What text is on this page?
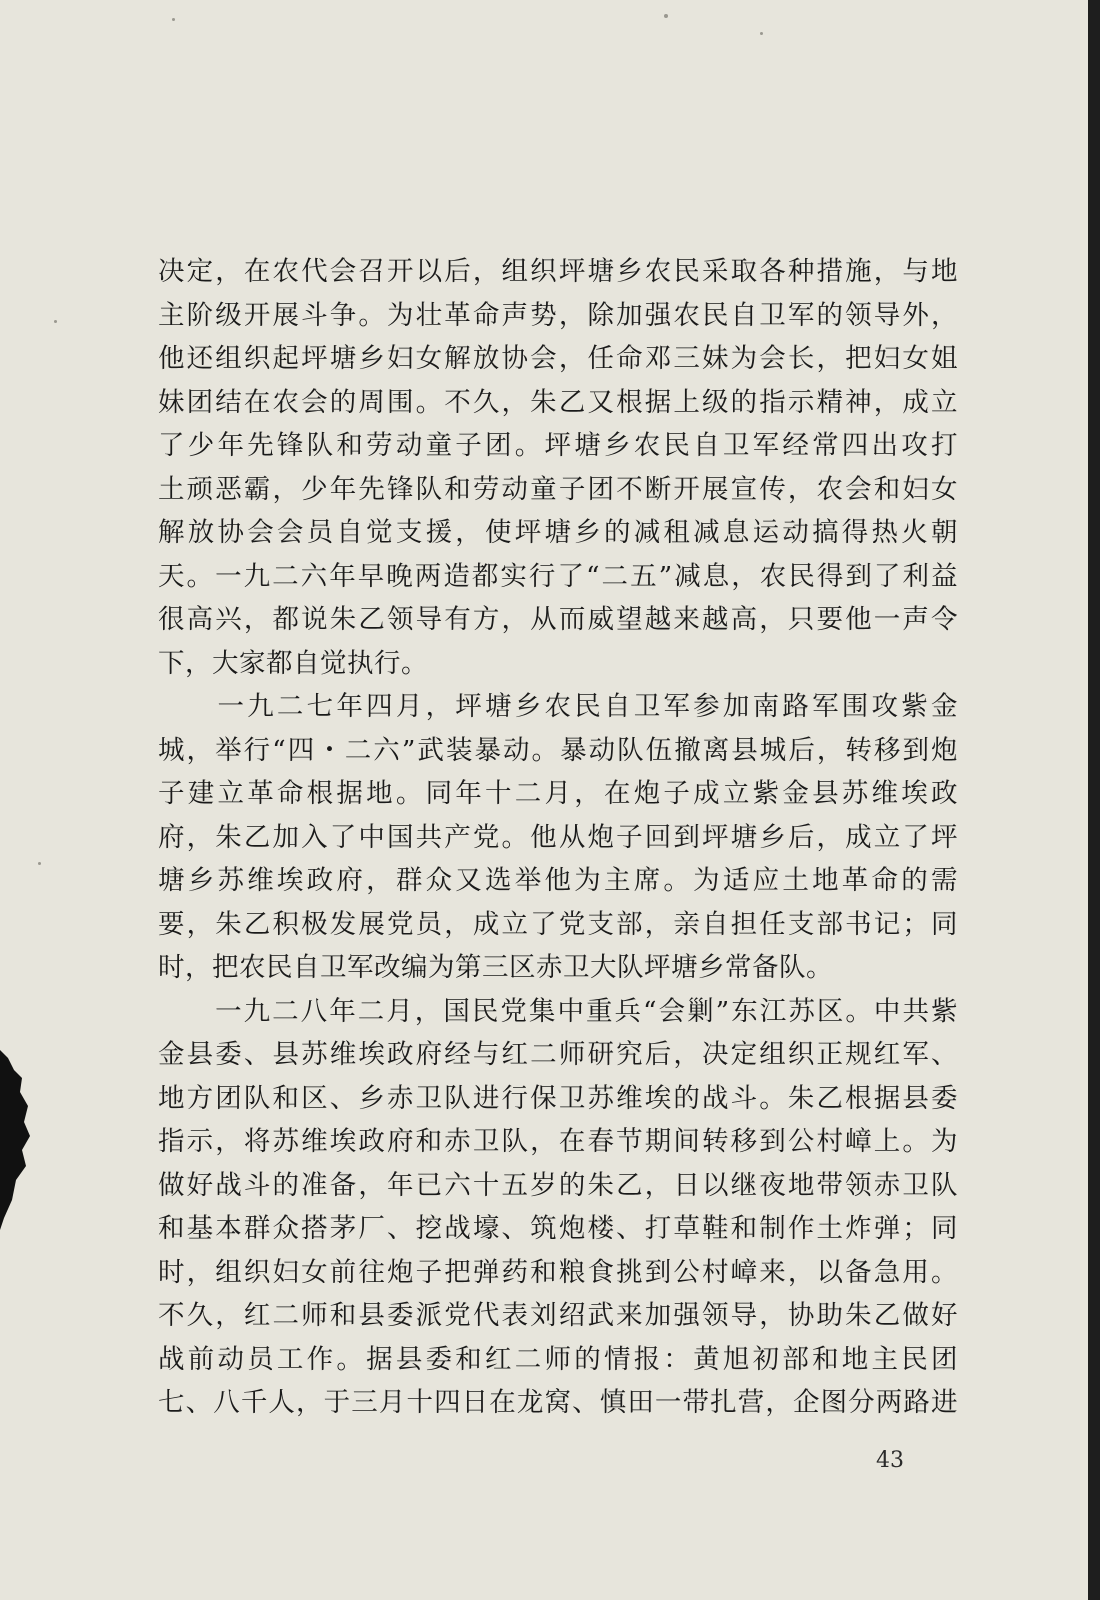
决定，在农代会召开以后，组织坪塘乡农民采取各种措施，与地
主阶级开展斗争。为壮革命声势，除加强农民自卫军的领导外，
他还组织起坪塘乡妇女解放协会，任命邓三妹为会长，把妇女姐
妹团结在农会的周围。不久，朱乙又根据上级的指示精神，成立
了少年先锋队和劳动童子团。坪塘乡农民自卫军经常四出攻打
土顽恶霸，少年先锋队和劳动童子团不断开展宣传，农会和妇女
解放协会会员自觉支援，使坪塘乡的减租减息运动搞得热火朝
天。一九二六年早晚两造都实行了“二五”减息，农民得到了利益
很高兴，都说朱乙领导有方，从而威望越来越高，只要他一声令
下，大家都自觉执行。
　　一九二七年四月，坪塘乡农民自卫军参加南路军围攻紫金
城，举行“四・二六”武装暴动。暴动队伍撤离县城后，转移到炮
子建立革命根据地。同年十二月，在炮子成立紫金县苏维埃政
府，朱乙加入了中国共产党。他从炮子回到坪塘乡后，成立了坪
塘乡苏维埃政府，群众又选举他为主席。为适应土地革命的需
要，朱乙积极发展党员，成立了党支部，亲自担任支部书记；同
时，把农民自卫军改编为第三区赤卫大队坪塘乡常备队。
　　一九二八年二月，国民党集中重兵“会剿”东江苏区。中共紫
金县委、县苏维埃政府经与红二师研究后，决定组织正规红军、
地方团队和区、乡赤卫队进行保卫苏维埃的战斗。朱乙根据县委
指示，将苏维埃政府和赤卫队，在春节期间转移到公村嶂上。为
做好战斗的准备，年已六十五岁的朱乙，日以继夜地带领赤卫队
和基本群众搭茅厂、挖战壕、筑炮楼、打草鞋和制作土炸弹；同
时，组织妇女前往炮子把弹药和粮食挑到公村嶂来，以备急用。
不久，红二师和县委派党代表刘绍武来加强领导，协助朱乙做好
战前动员工作。据县委和红二师的情报：黄旭初部和地主民团
七、八千人，于三月十四日在龙窝、慎田一带扎营，企图分两路进
43
